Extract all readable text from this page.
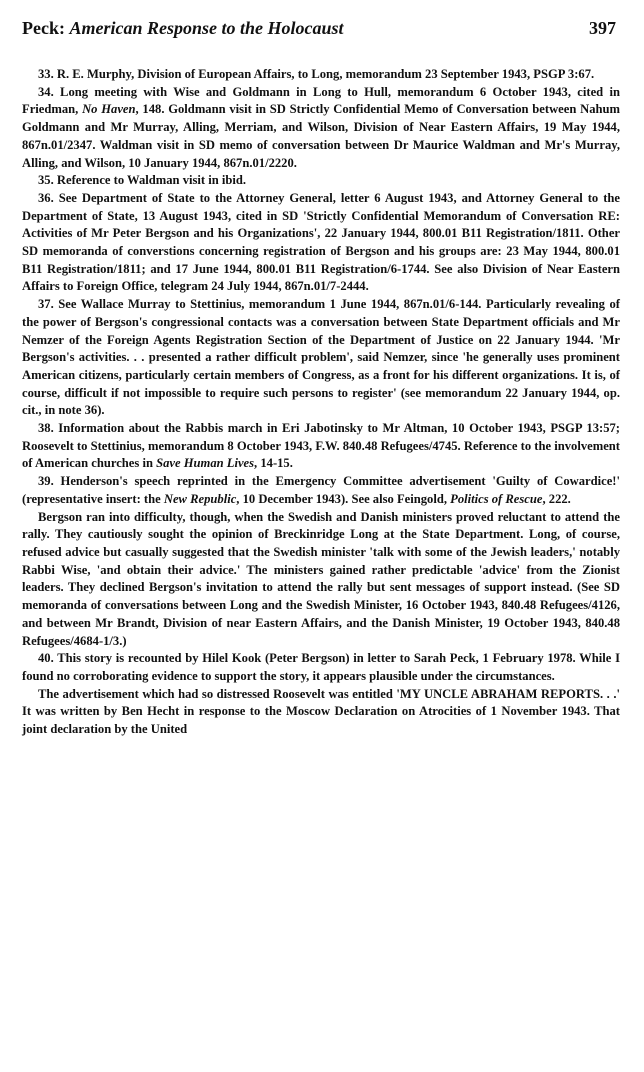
Peck: American Response to the Holocaust	397

33. R. E. Murphy, Division of European Affairs, to Long, memorandum 23 September 1943, PSGP 3:67.

34. Long meeting with Wise and Goldmann in Long to Hull, memorandum 6 October 1943, cited in Friedman, No Haven, 148. Goldmann visit in SD Strictly Confidential Memo of Conversation between Nahum Goldmann and Mr Murray, Alling, Merriam, and Wilson, Division of Near Eastern Affairs, 19 May 1944, 867n.01/2347. Waldman visit in SD memo of conversation between Dr Maurice Waldman and Mr's Murray, Alling, and Wilson, 10 January 1944, 867n.01/2220.

35. Reference to Waldman visit in ibid.

36. See Department of State to the Attorney General, letter 6 August 1943, and Attorney General to the Department of State, 13 August 1943, cited in SD 'Strictly Confidential Memorandum of Conversation RE: Activities of Mr Peter Bergson and his Organizations', 22 January 1944, 800.01 B11 Registration/1811. Other SD memoranda of converstions concerning registration of Bergson and his groups are: 23 May 1944, 800.01 B11 Registration/1811; and 17 June 1944, 800.01 B11 Registration/6-1744. See also Division of Near Eastern Affairs to Foreign Office, telegram 24 July 1944, 867n.01/7-2444.

37. See Wallace Murray to Stettinius, memorandum 1 June 1944, 867n.01/6-144. Particularly revealing of the power of Bergson's congressional contacts was a conversation between State Department officials and Mr Nemzer of the Foreign Agents Registration Section of the Department of Justice on 22 January 1944. 'Mr Bergson's activities. . . presented a rather difficult problem', said Nemzer, since 'he generally uses prominent American citizens, particularly certain members of Congress, as a front for his different organizations. It is, of course, difficult if not impossible to require such persons to register' (see memorandum 22 January 1944, op. cit., in note 36).

38. Information about the Rabbis march in Eri Jabotinsky to Mr Altman, 10 October 1943, PSGP 13:57; Roosevelt to Stettinius, memorandum 8 October 1943, F.W. 840.48 Refugees/4745. Reference to the involvement of American churches in Save Human Lives, 14-15.

39. Henderson's speech reprinted in the Emergency Committee advertisement 'Guilty of Cowardice!' (representative insert: the New Republic, 10 December 1943). See also Feingold, Politics of Rescue, 222.

Bergson ran into difficulty, though, when the Swedish and Danish ministers proved reluctant to attend the rally. They cautiously sought the opinion of Breckinridge Long at the State Department. Long, of course, refused advice but casually suggested that the Swedish minister 'talk with some of the Jewish leaders,' notably Rabbi Wise, 'and obtain their advice.' The ministers gained rather predictable 'advice' from the Zionist leaders. They declined Bergson's invitation to attend the rally but sent messages of support instead. (See SD memoranda of conversations between Long and the Swedish Minister, 16 October 1943, 840.48 Refugees/4126, and between Mr Brandt, Division of near Eastern Affairs, and the Danish Minister, 19 October 1943, 840.48 Refugees/4684-1/3.)

40. This story is recounted by Hilel Kook (Peter Bergson) in letter to Sarah Peck, 1 February 1978. While I found no corroborating evidence to support the story, it appears plausible under the circumstances.

The advertisement which had so distressed Roosevelt was entitled 'MY UNCLE ABRAHAM REPORTS. . .' It was written by Ben Hecht in response to the Moscow Declaration on Atrocities of 1 November 1943. That joint declaration by the United
